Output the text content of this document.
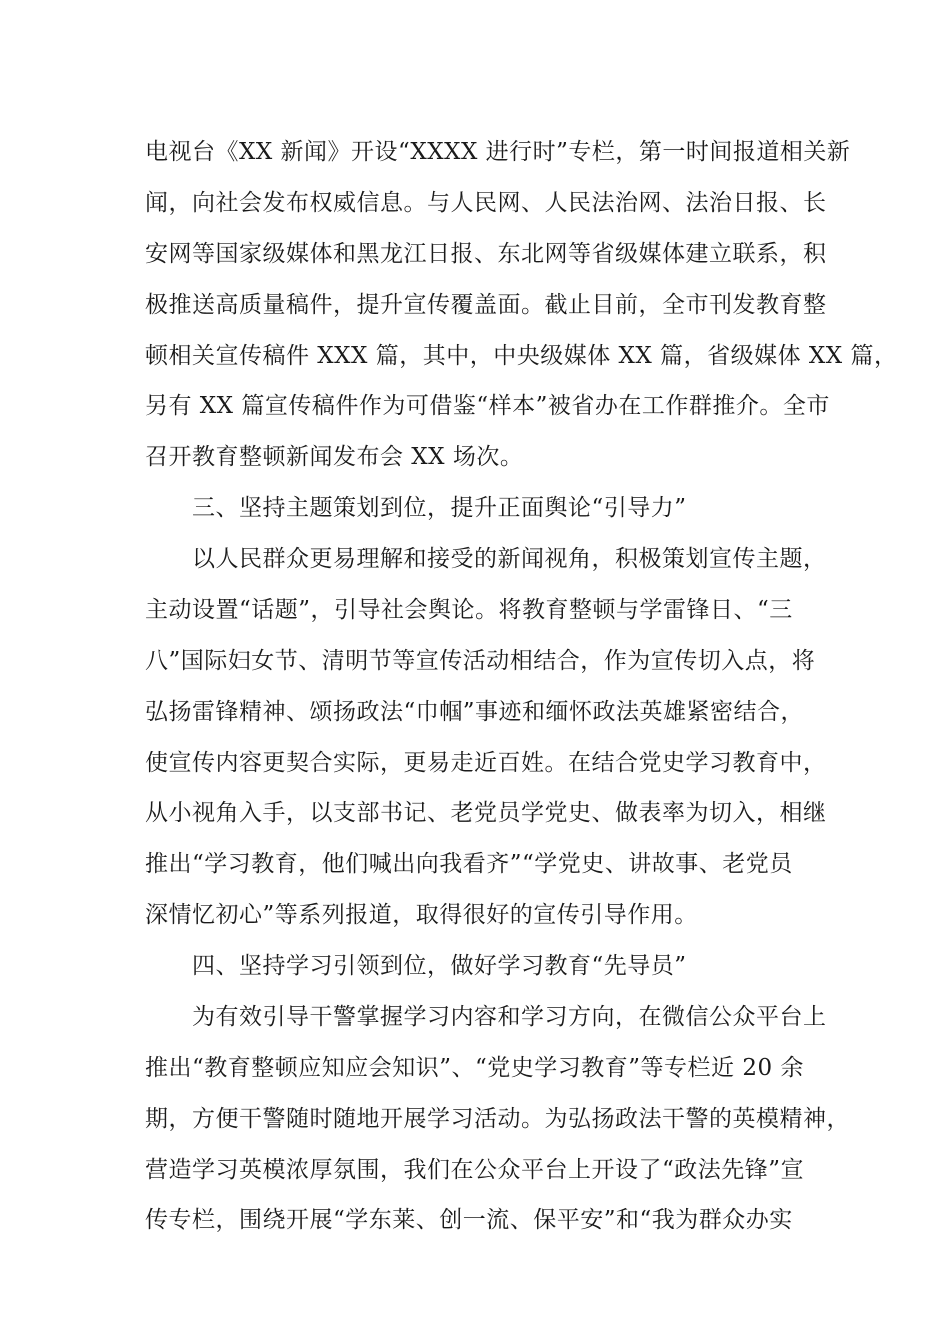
电视台《XX 新闻》开设“XXXX 进行时”专栏，第一时间报道相关新
闻，向社会发布权威信息。与人民网、人民法治网、法治日报、长
安网等国家级媒体和黑龙江日报、东北网等省级媒体建立联系，积
极推送高质量稿件，提升宣传覆盖面。截止目前，全市刊发教育整
顿相关宣传稿件 XXX 篇，其中，中央级媒体 XX 篇，省级媒体 XX 篇，
另有 XX 篇宣传稿件作为可借鉴“样本”被省办在工作群推介。全市
召开教育整顿新闻发布会 XX 场次。
三、坚持主题策划到位，提升正面舆论“引导力”
以人民群众更易理解和接受的新闻视角，积极策划宣传主题，
主动设置“话题”，引导社会舆论。将教育整顿与学雷锋日、“三
八”国际妇女节、清明节等宣传活动相结合，作为宣传切入点，将
弘扬雷锋精神、颂扬政法“巾帼”事迹和缅怀政法英雄紧密结合，
使宣传内容更契合实际，更易走近百姓。在结合党史学习教育中，
从小视角入手，以支部书记、老党员学党史、做表率为切入，相继
推出“学习教育，他们喊出向我看齐”“学党史、讲故事、老党员
深情忆初心”等系列报道，取得很好的宣传引导作用。
四、坚持学习引领到位，做好学习教育“先导员”
为有效引导干警掌握学习内容和学习方向，在微信公众平台上
推出“教育整顿应知应会知识”、“党史学习教育”等专栏近 20 余
期，方便干警随时随地开展学习活动。为弘扬政法干警的英模精神，
营造学习英模浓厚氛围，我们在公众平台上开设了“政法先锋”宣
传专栏，围绕开展“学东莱、创一流、保平安”和“我为群众办实
